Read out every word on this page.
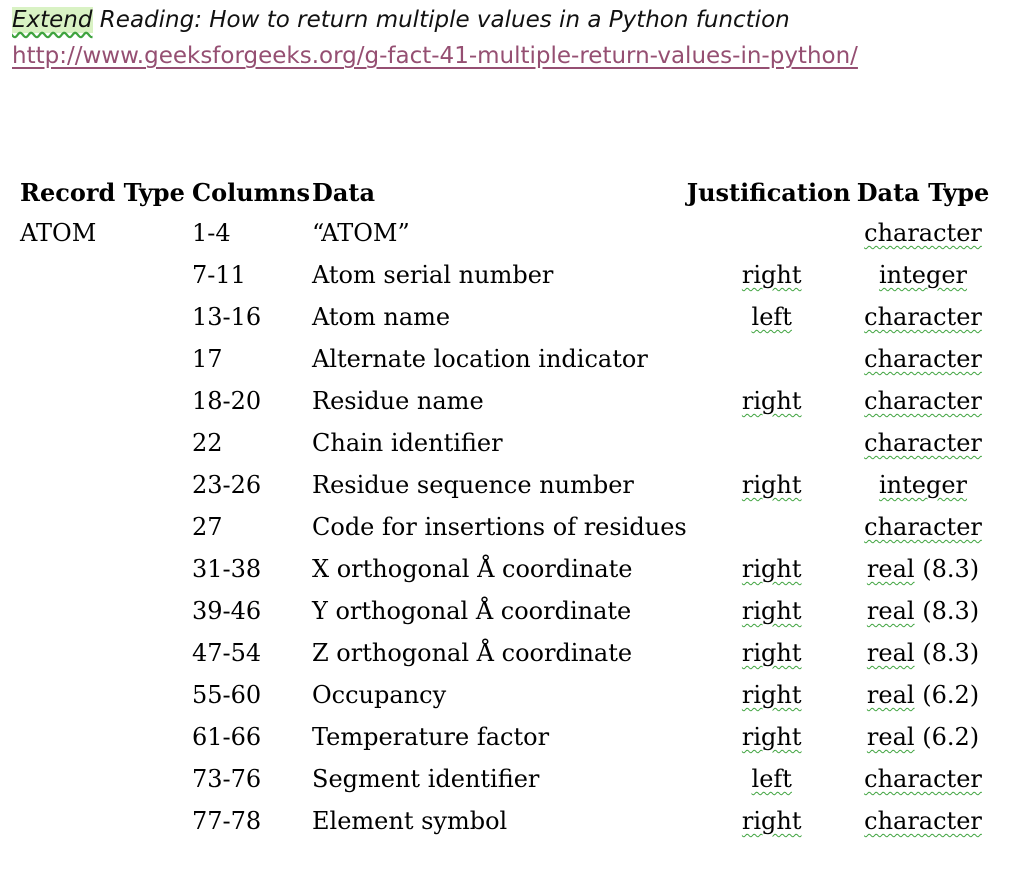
Extend Reading: How to return multiple values in a Python function
http://www.geeksforgeeks.org/g-fact-41-multiple-return-values-in-python/
Record Type	Columns	Data	Justification	Data Type
ATOM	1-4	“ATOM”		character
	7-11	Atom serial number	right	integer
	13-16	Atom name	left	character
	17	Alternate location indicator		character
	18-20	Residue name	right	character
	22	Chain identifier		character
	23-26	Residue sequence number	right	integer
	27	Code for insertions of residues		character
	31-38	X orthogonal Å coordinate	right	real (8.3)
	39-46	Y orthogonal Å coordinate	right	real (8.3)
	47-54	Z orthogonal Å coordinate	right	real (8.3)
	55-60	Occupancy	right	real (6.2)
	61-66	Temperature factor	right	real (6.2)
	73-76	Segment identifier	left	character
	77-78	Element symbol	right	character
